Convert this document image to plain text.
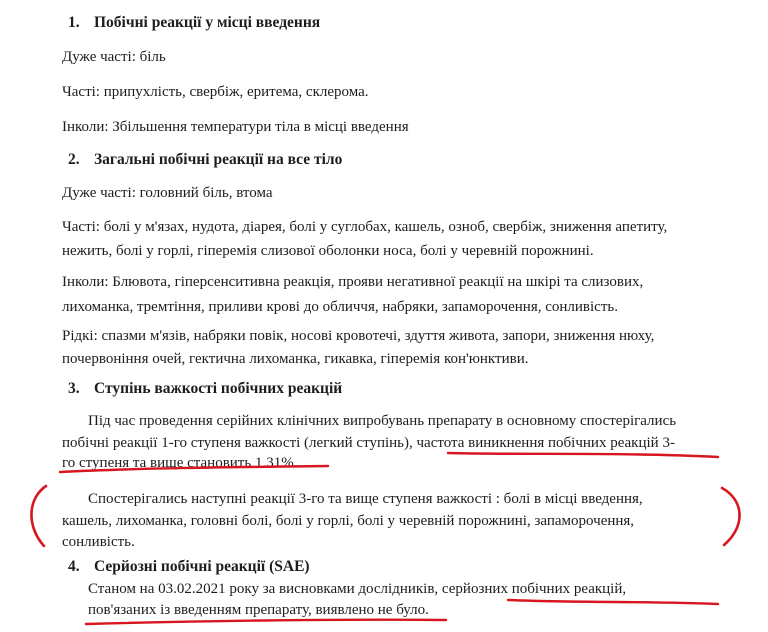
1. Побічні реакції у місці введення
Дуже часті: біль
Часті: припухлість, свербіж, еритема, склерома.
Інколи: Збільшення температури тіла в місці введення
2. Загальні побічні реакції на все тіло
Дуже часті: головний біль, втома
Часті: болі у м'язах, нудота, діарея, болі у суглобах, кашель, озноб, свербіж, зниження апетиту,
нежить, болі у горлі, гіперемія слизової оболонки носа, болі у черевній порожнині.
Інколи: Блювота, гіперсенситивна реакція, прояви негативної реакції на шкірі та слизових,
лихоманка, тремтіння, приливи крові до обличчя, набряки, запаморочення, сонливість.
Рідкі: спазми м'язів, набряки повік, носові кровотечі, здуття живота, запори, зниження нюху,
почервоніння очей, гектична лихоманка, гикавка, гіперемія кон'юнктиви.
3. Ступінь важкості побічних реакцій
Під час проведення серійних клінічних випробувань препарату в основному спостерігались
побічні реакції 1-го ступеня важкості (легкий ступінь), частота виникнення побічних реакцій 3-
го ступеня та вище становить 1.31%.
Спостерігались наступні реакції 3-го та вище ступеня важкості : болі в місці введення,
кашель, лихоманка, головні болі, болі у горлі, болі у черевній порожнині, запаморочення,
сонливість.
4. Серйозні побічні реакції (SAE)
Станом на 03.02.2021 року за висновками дослідників, серйозних побічних реакцій,
пов'язаних із введенням препарату, виявлено не було.
